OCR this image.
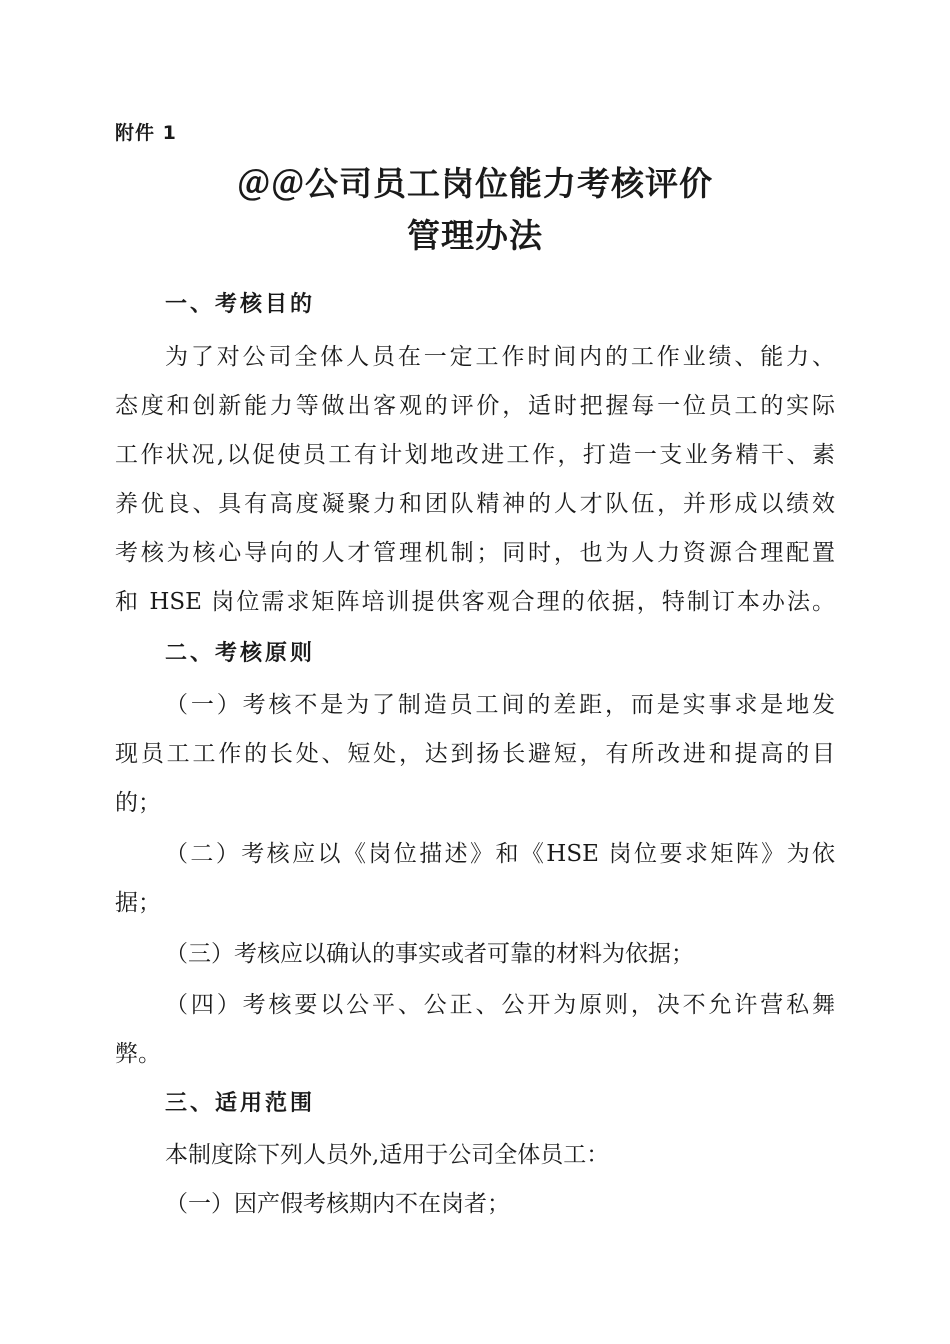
附件 1
＠＠公司员工岗位能力考核评价
管理办法
一、考核目的
为了对公司全体人员在一定工作时间内的工作业绩、能力、
态度和创新能力等做出客观的评价，适时把握每一位员工的实际
工作状况,以促使员工有计划地改进工作，打造一支业务精干、素
养优良、具有高度凝聚力和团队精神的人才队伍，并形成以绩效
考核为核心导向的人才管理机制；同时，也为人力资源合理配置
和 HSE 岗位需求矩阵培训提供客观合理的依据，特制订本办法。
二、考核原则
（一）考核不是为了制造员工间的差距，而是实事求是地发
现员工工作的长处、短处，达到扬长避短，有所改进和提高的目
的；
（二）考核应以《岗位描述》和《HSE 岗位要求矩阵》为依
据；
（三）考核应以确认的事实或者可靠的材料为依据；
（四）考核要以公平、公正、公开为原则，决不允许营私舞
弊。
三、适用范围
本制度除下列人员外,适用于公司全体员工：
（一）因产假考核期内不在岗者；
